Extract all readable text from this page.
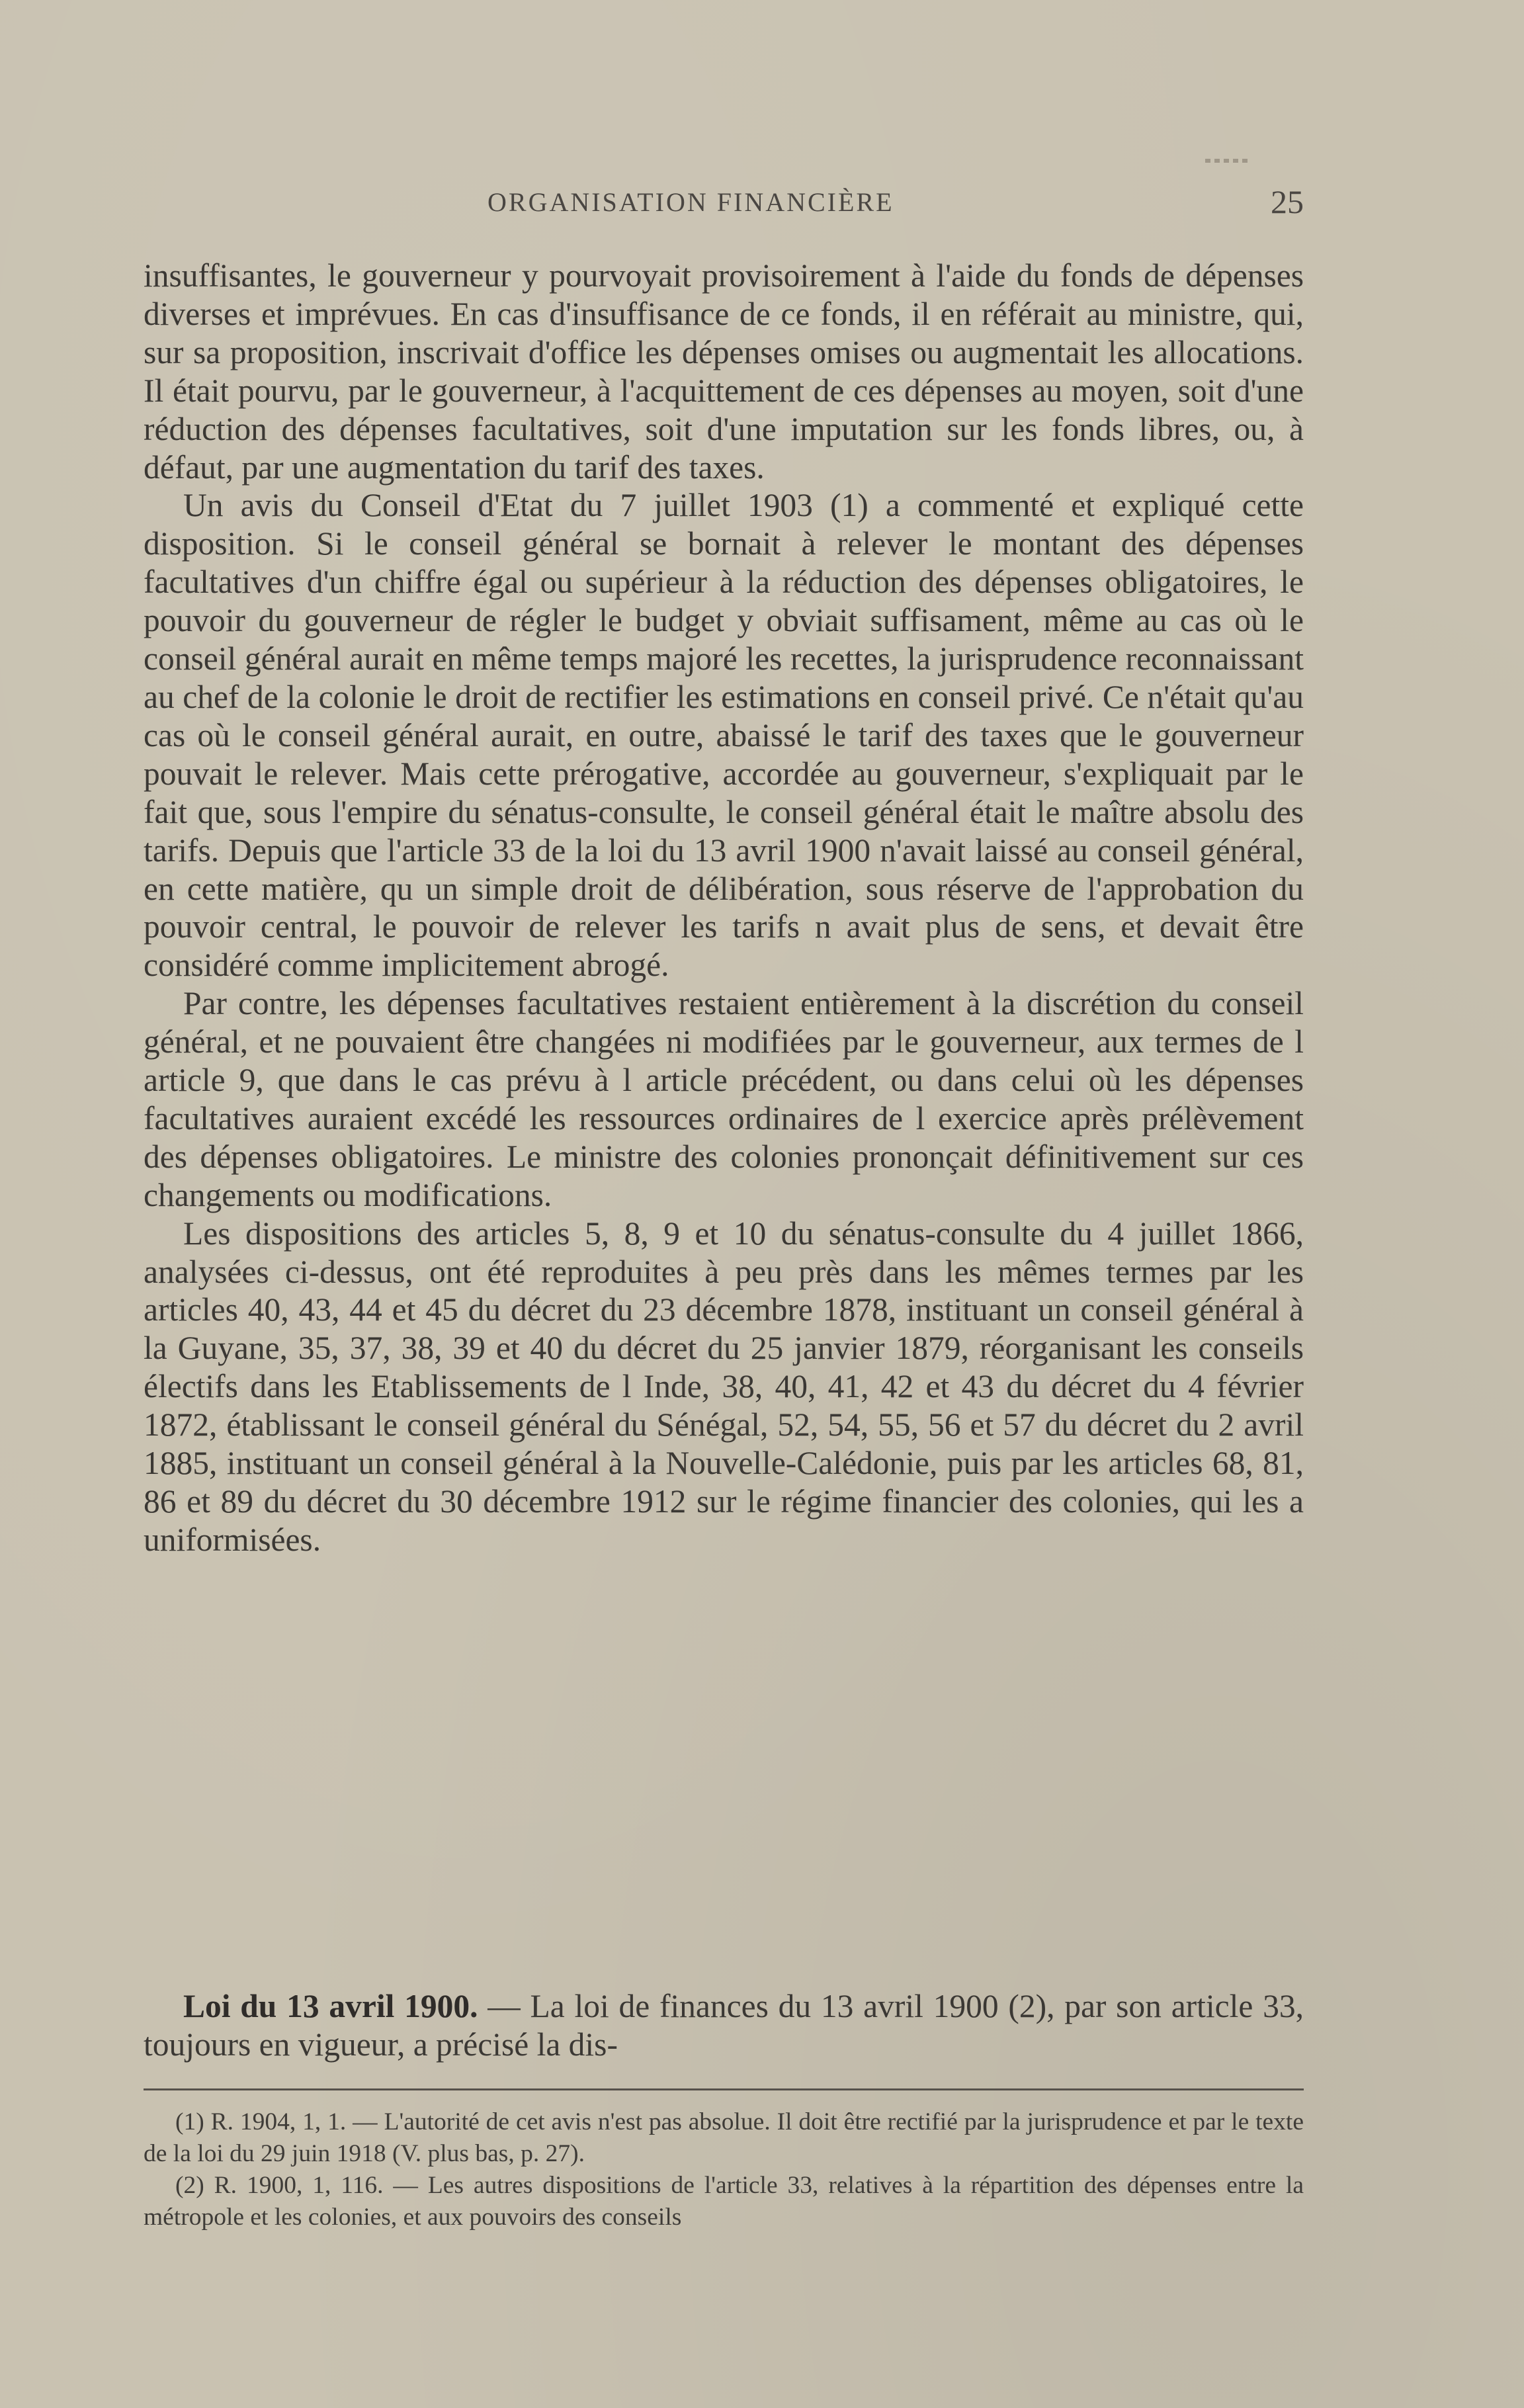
ORGANISATION FINANCIÈRE	25

insuffisantes, le gouverneur y pourvoyait provisoirement à l'aide du fonds de dépenses diverses et imprévues. En cas d'insuffisance de ce fonds, il en référait au ministre, qui, sur sa proposition, inscrivait d'office les dépenses omises ou augmentait les allocations. Il était pourvu, par le gouverneur, à l'acquittement de ces dépenses au moyen, soit d'une réduction des dépenses facultatives, soit d'une imputation sur les fonds libres, ou, à défaut, par une augmentation du tarif des taxes.

Un avis du Conseil d'Etat du 7 juillet 1903 (1) a commenté et expliqué cette disposition. Si le conseil général se bornait à relever le montant des dépenses facultatives d'un chiffre égal ou supérieur à la réduction des dépenses obligatoires, le pouvoir du gouverneur de régler le budget y obviait suffisament, même au cas où le conseil général aurait en même temps majoré les recettes, la jurisprudence reconnaissant au chef de la colonie le droit de rectifier les estimations en conseil privé. Ce n'était qu'au cas où le conseil général aurait, en outre, abaissé le tarif des taxes que le gouverneur pouvait le relever. Mais cette prérogative, accordée au gouverneur, s'expliquait par le fait que, sous l'empire du sénatus-consulte, le conseil général était le maître absolu des tarifs. Depuis que l'article 33 de la loi du 13 avril 1900 n'avait laissé au conseil général, en cette matière, qu un simple droit de délibération, sous réserve de l'approbation du pouvoir central, le pouvoir de relever les tarifs n avait plus de sens, et devait être considéré comme implicitement abrogé.

Par contre, les dépenses facultatives restaient entièrement à la discrétion du conseil général, et ne pouvaient être changées ni modifiées par le gouverneur, aux termes de l article 9, que dans le cas prévu à l article précédent, ou dans celui où les dépenses facultatives auraient excédé les ressources ordinaires de l exercice après prélèvement des dépenses obligatoires. Le ministre des colonies prononçait définitivement sur ces changements ou modifications.

Les dispositions des articles 5, 8, 9 et 10 du sénatus-consulte du 4 juillet 1866, analysées ci-dessus, ont été reproduites à peu près dans les mêmes termes par les articles 40, 43, 44 et 45 du décret du 23 décembre 1878, instituant un conseil général à la Guyane, 35, 37, 38, 39 et 40 du décret du 25 janvier 1879, réorganisant les conseils électifs dans les Etablissements de l Inde, 38, 40, 41, 42 et 43 du décret du 4 février 1872, établissant le conseil général du Sénégal, 52, 54, 55, 56 et 57 du décret du 2 avril 1885, instituant un conseil général à la Nouvelle-Calédonie, puis par les articles 68, 81, 86 et 89 du décret du 30 décembre 1912 sur le régime financier des colonies, qui les a uniformisées.

Loi du 13 avril 1900. — La loi de finances du 13 avril 1900 (2), par son article 33, toujours en vigueur, a précisé la dis-

(1) R. 1904, 1, 1. — L'autorité de cet avis n'est pas absolue. Il doit être rectifié par la jurisprudence et par le texte de la loi du 29 juin 1918 (V. plus bas, p. 27).

(2) R. 1900, 1, 116. — Les autres dispositions de l'article 33, relatives à la répartition des dépenses entre la métropole et les colonies, et aux pouvoirs des conseils
